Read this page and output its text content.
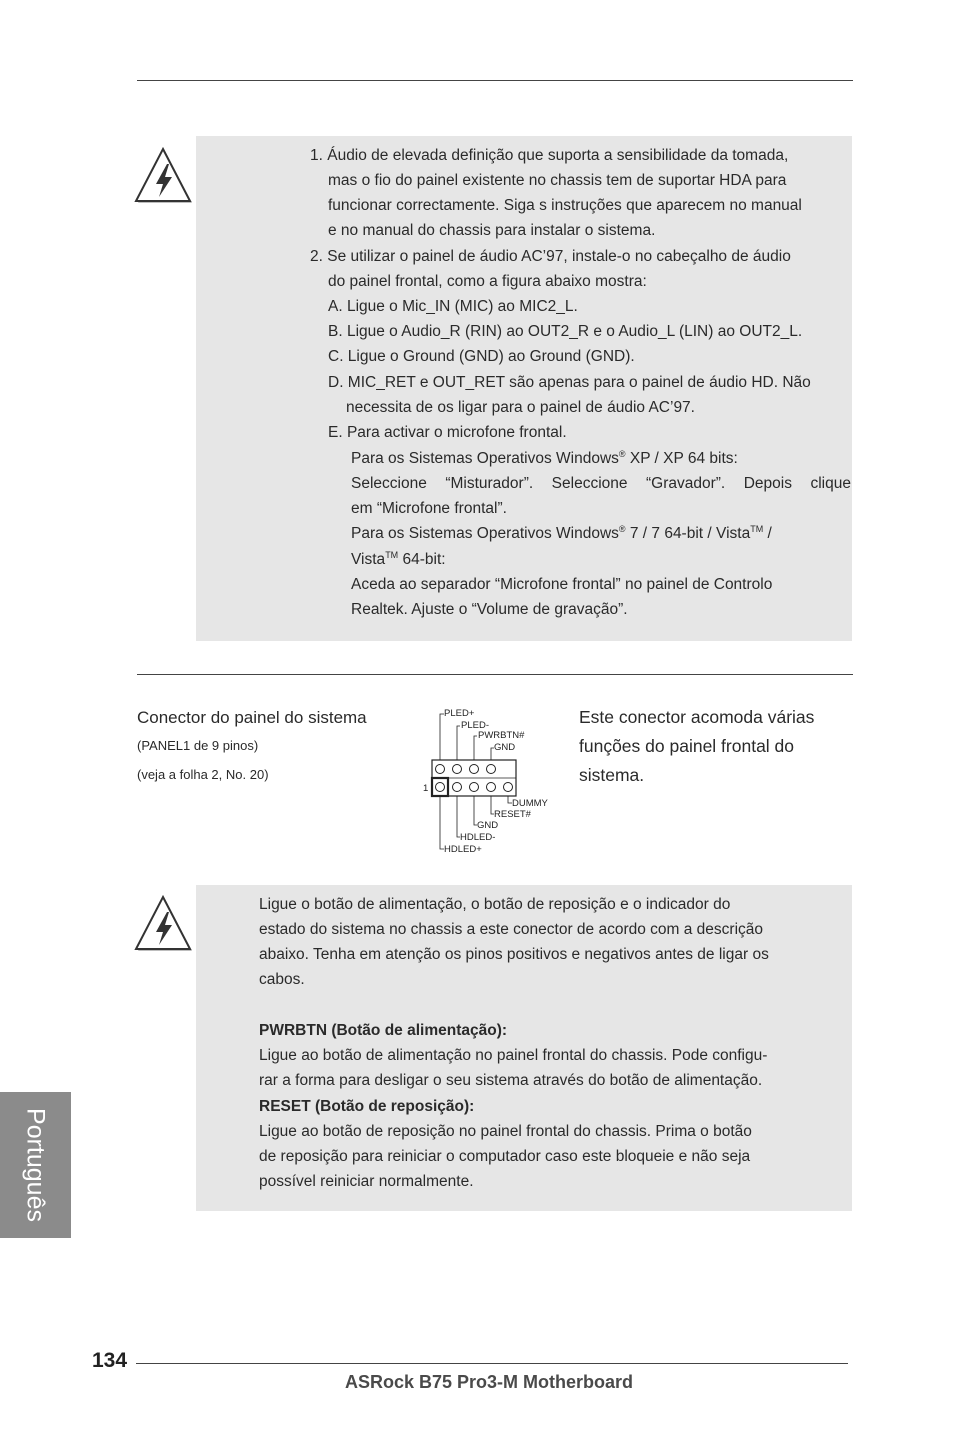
1. Áudio de elevada definição que suporta a sensibilidade da tomada,
mas o fio do painel existente no chassis tem de suportar HDA para
funcionar correctamente. Siga s instruções que aparecem no manual
e no manual do chassis para instalar o sistema.
2. Se utilizar o painel de áudio AC’97, instale-o no cabeçalho de áudio
do painel frontal, como a figura abaixo mostra:
A. Ligue o Mic_IN (MIC) ao MIC2_L.
B. Ligue o Audio_R (RIN) ao OUT2_R e o Audio_L (LIN) ao OUT2_L.
C. Ligue o Ground (GND) ao Ground (GND).
D. MIC_RET e OUT_RET são apenas para o painel de áudio HD. Não
necessita de os ligar para o painel de áudio AC’97.
E. Para activar o microfone frontal.
Para os Sistemas Operativos Windows® XP / XP 64 bits:
Seleccione “Misturador”. Seleccione “Gravador”. Depois clique
em “Microfone frontal”.
Para os Sistemas Operativos Windows® 7 / 7 64-bit / Vista™ /
Vista™ 64-bit:
Aceda ao separador “Microfone frontal” no painel de Controlo
Realtek. Ajuste o “Volume de gravação”.
Conector do painel do sistema
(PANEL1 de 9 pinos)
(veja a folha 2, No. 20)
1
PLED+
PLED-
PWRBTN#
GND
DUMMY
RESET#
GND
HDLED-
HDLED+
Este conector acomoda várias funções do painel frontal do sistema.
Ligue o botão de alimentação, o botão de reposição e o indicador do
estado do sistema no chassis a este conector de acordo com a descrição
abaixo. Tenha em atenção os pinos positivos e negativos antes de ligar os
cabos.
PWRBTN (Botão de alimentação):
Ligue ao botão de alimentação no painel frontal do chassis. Pode configu-
rar a forma para desligar o seu sistema através do botão de alimentação.
RESET (Botão de reposição):
Ligue ao botão de reposição no painel frontal do chassis. Prima o botão
de reposição para reiniciar o computador caso este bloqueie e não seja
possível reiniciar normalmente.
Português
134
ASRock B75 Pro3-M Motherboard
